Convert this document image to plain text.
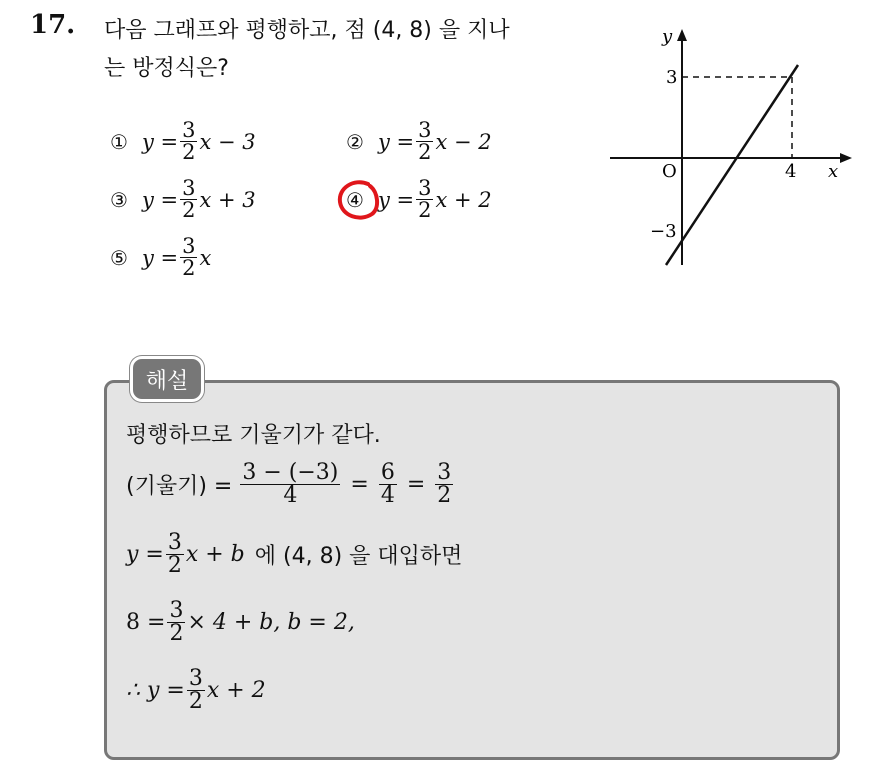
17. 다음 그래프와 평행하고, 점 (4, 8) 을 지나
는 방정식은?
① $y = \frac{3}{2}$ x − 3	② $y = \frac{3}{2}$ x − 2
③ $y = \frac{3}{2}$ x + 3	④ $y = \frac{3}{2}$ x + 2
⑤ $y = \frac{3}{2}$ x
y
x
O
3
−3
4
해설
평행하므로 기울기가 같다.
(기울기) = $\frac{3 - (-3)}{4} = \frac{6}{4} = \frac{3}{2}$
$y = \frac{3}{2}$ x + b 에 (4, 8) 을 대입하면
$8 = \frac{3}{2} \times 4 + b$, b = 2,
∴ $y = \frac{3}{2}$ x + 2
